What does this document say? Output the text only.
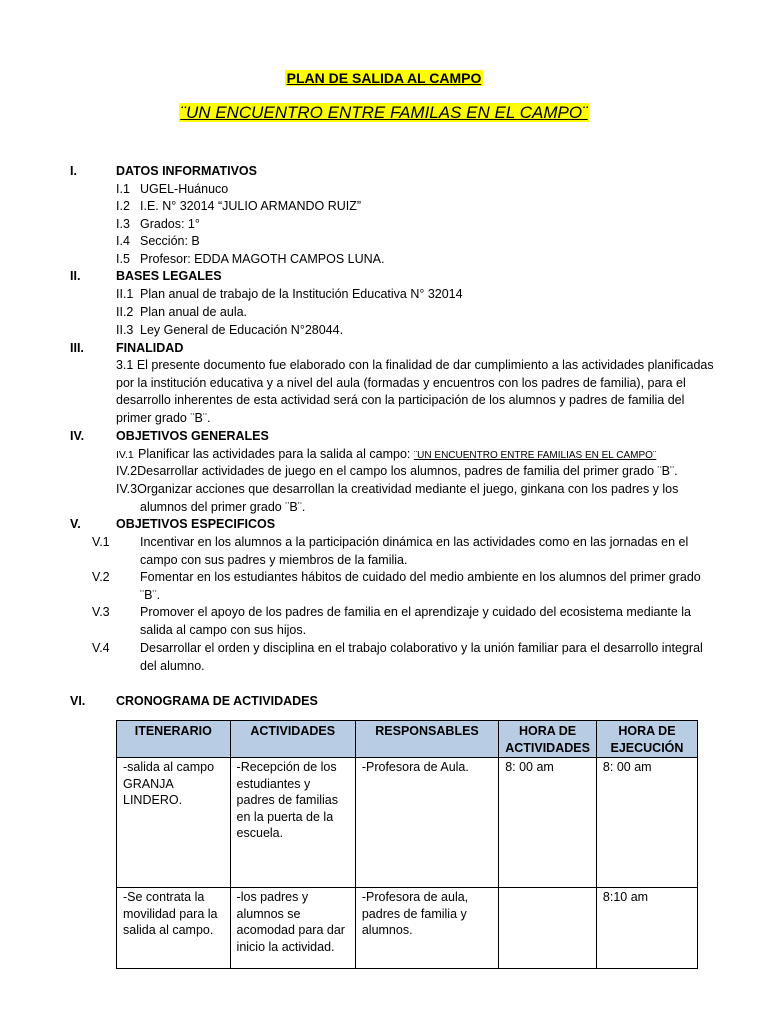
PLAN DE SALIDA AL CAMPO
¨UN ENCUENTRO ENTRE FAMILAS EN EL CAMPO¨
I.	DATOS INFORMATIVOS
I.1 UGEL-Huánuco
I.2 I.E. N° 32014 “JULIO ARMANDO RUIZ”
I.3 Grados: 1°
I.4 Sección: B
I.5 Profesor: EDDA MAGOTH CAMPOS LUNA.
II.	BASES LEGALES
II.1 Plan anual de trabajo de la Institución Educativa N° 32014
II.2 Plan anual de aula.
II.3 Ley General de Educación N°28044.
III.	FINALIDAD
3.1 El presente documento fue elaborado con la finalidad de dar cumplimiento a las actividades planificadas por la institución educativa y a nivel del aula (formadas y encuentros con los padres de familia), para el desarrollo inherentes de esta actividad será con la participación de los alumnos y padres de familia del primer grado ¨B¨.
IV.	OBJETIVOS GENERALES
IV.1 Planificar las actividades para la salida al campo: ¨UN ENCUENTRO ENTRE FAMILIAS EN EL CAMPO¨
IV.2Desarrollar actividades de juego en el campo los alumnos, padres de familia del primer grado ¨B¨.
IV.3Organizar acciones que desarrollan la creatividad mediante el juego, ginkana con los padres y los alumnos del primer grado ¨B¨.
V.	OBJETIVOS ESPECIFICOS
V.1 Incentivar en los alumnos a la participación dinámica en las actividades como en las jornadas en el campo con sus padres y miembros de la familia.
V.2 Fomentar en los estudiantes hábitos de cuidado del medio ambiente en los alumnos del primer grado ¨B¨.
V.3 Promover el apoyo de los padres de familia en el aprendizaje y cuidado del ecosistema mediante la salida al campo con sus hijos.
V.4 Desarrollar el orden y disciplina en el trabajo colaborativo y la unión familiar para el desarrollo integral del alumno.
VI. CRONOGRAMA DE ACTIVIDADES
ITENERARIO	ACTIVIDADES	RESPONSABLES	HORA DE ACTIVIDADES	HORA DE EJECUCIÓN
-salida al campo GRANJA LINDERO.	-Recepción de los estudiantes y padres de familias en la puerta de la escuela.	-Profesora de Aula.	8: 00 am	8: 00 am
-Se contrata la movilidad para la salida al campo.	-los padres y alumnos se acomodad para dar inicio la actividad.	-Profesora de aula, padres de familia y alumnos.		8:10 am
